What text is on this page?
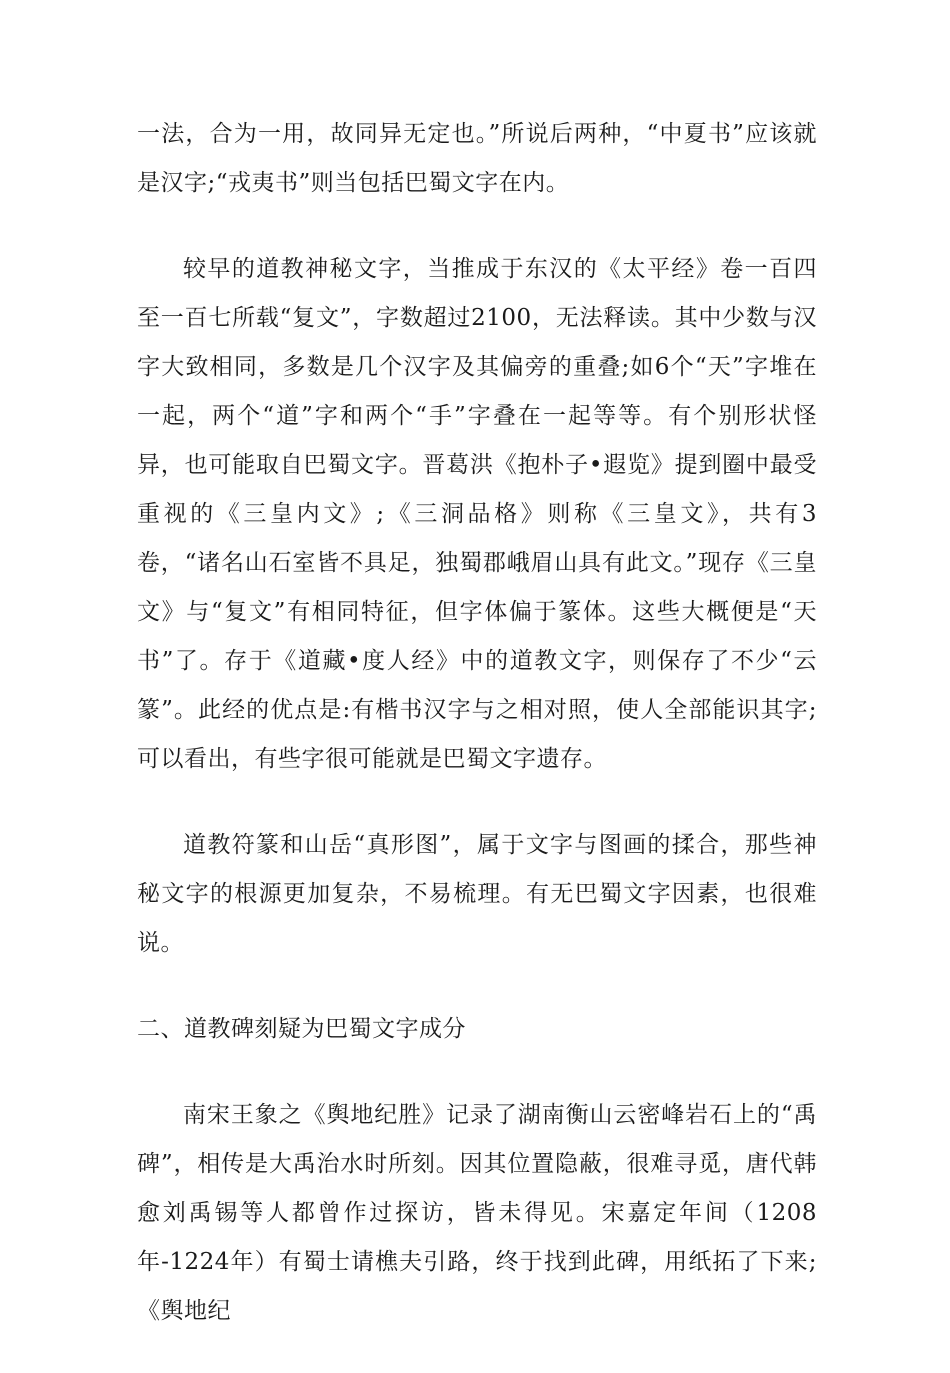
一法，合为一用，故同异无定也。”所说后两种，“中夏书”应该就是汉字;“戎夷书”则当包括巴蜀文字在内。

较早的道教神秘文字，当推成于东汉的《太平经》卷一百四至一百七所载“复文”，字数超过2100，无法释读。其中少数与汉字大致相同，多数是几个汉字及其偏旁的重叠;如6个“天”字堆在一起，两个“道”字和两个“手”字叠在一起等等。有个别形状怪异，也可能取自巴蜀文字。晋葛洪《抱朴子•遐览》提到圈中最受重视的《三皇内文》;《三洞品格》则称《三皇文》，共有3卷，“诸名山石室皆不具足，独蜀郡峨眉山具有此文。”现存《三皇文》与“复文”有相同特征，但字体偏于篆体。这些大概便是“天书”了。存于《道藏•度人经》中的道教文字，则保存了不少“云篆”。此经的优点是:有楷书汉字与之相对照，使人全部能识其字;可以看出，有些字很可能就是巴蜀文字遗存。

道教符篆和山岳“真形图”，属于文字与图画的揉合，那些神秘文字的根源更加复杂，不易梳理。有无巴蜀文字因素，也很难说。

二、道教碑刻疑为巴蜀文字成分

南宋王象之《舆地纪胜》记录了湖南衡山云密峰岩石上的“禹碑”，相传是大禹治水时所刻。因其位置隐蔽，很难寻觅，唐代韩愈刘禹锡等人都曾作过探访，皆未得见。宋嘉定年间（1208年-1224年）有蜀士请樵夫引路，终于找到此碑，用纸拓了下来;《舆地纪
